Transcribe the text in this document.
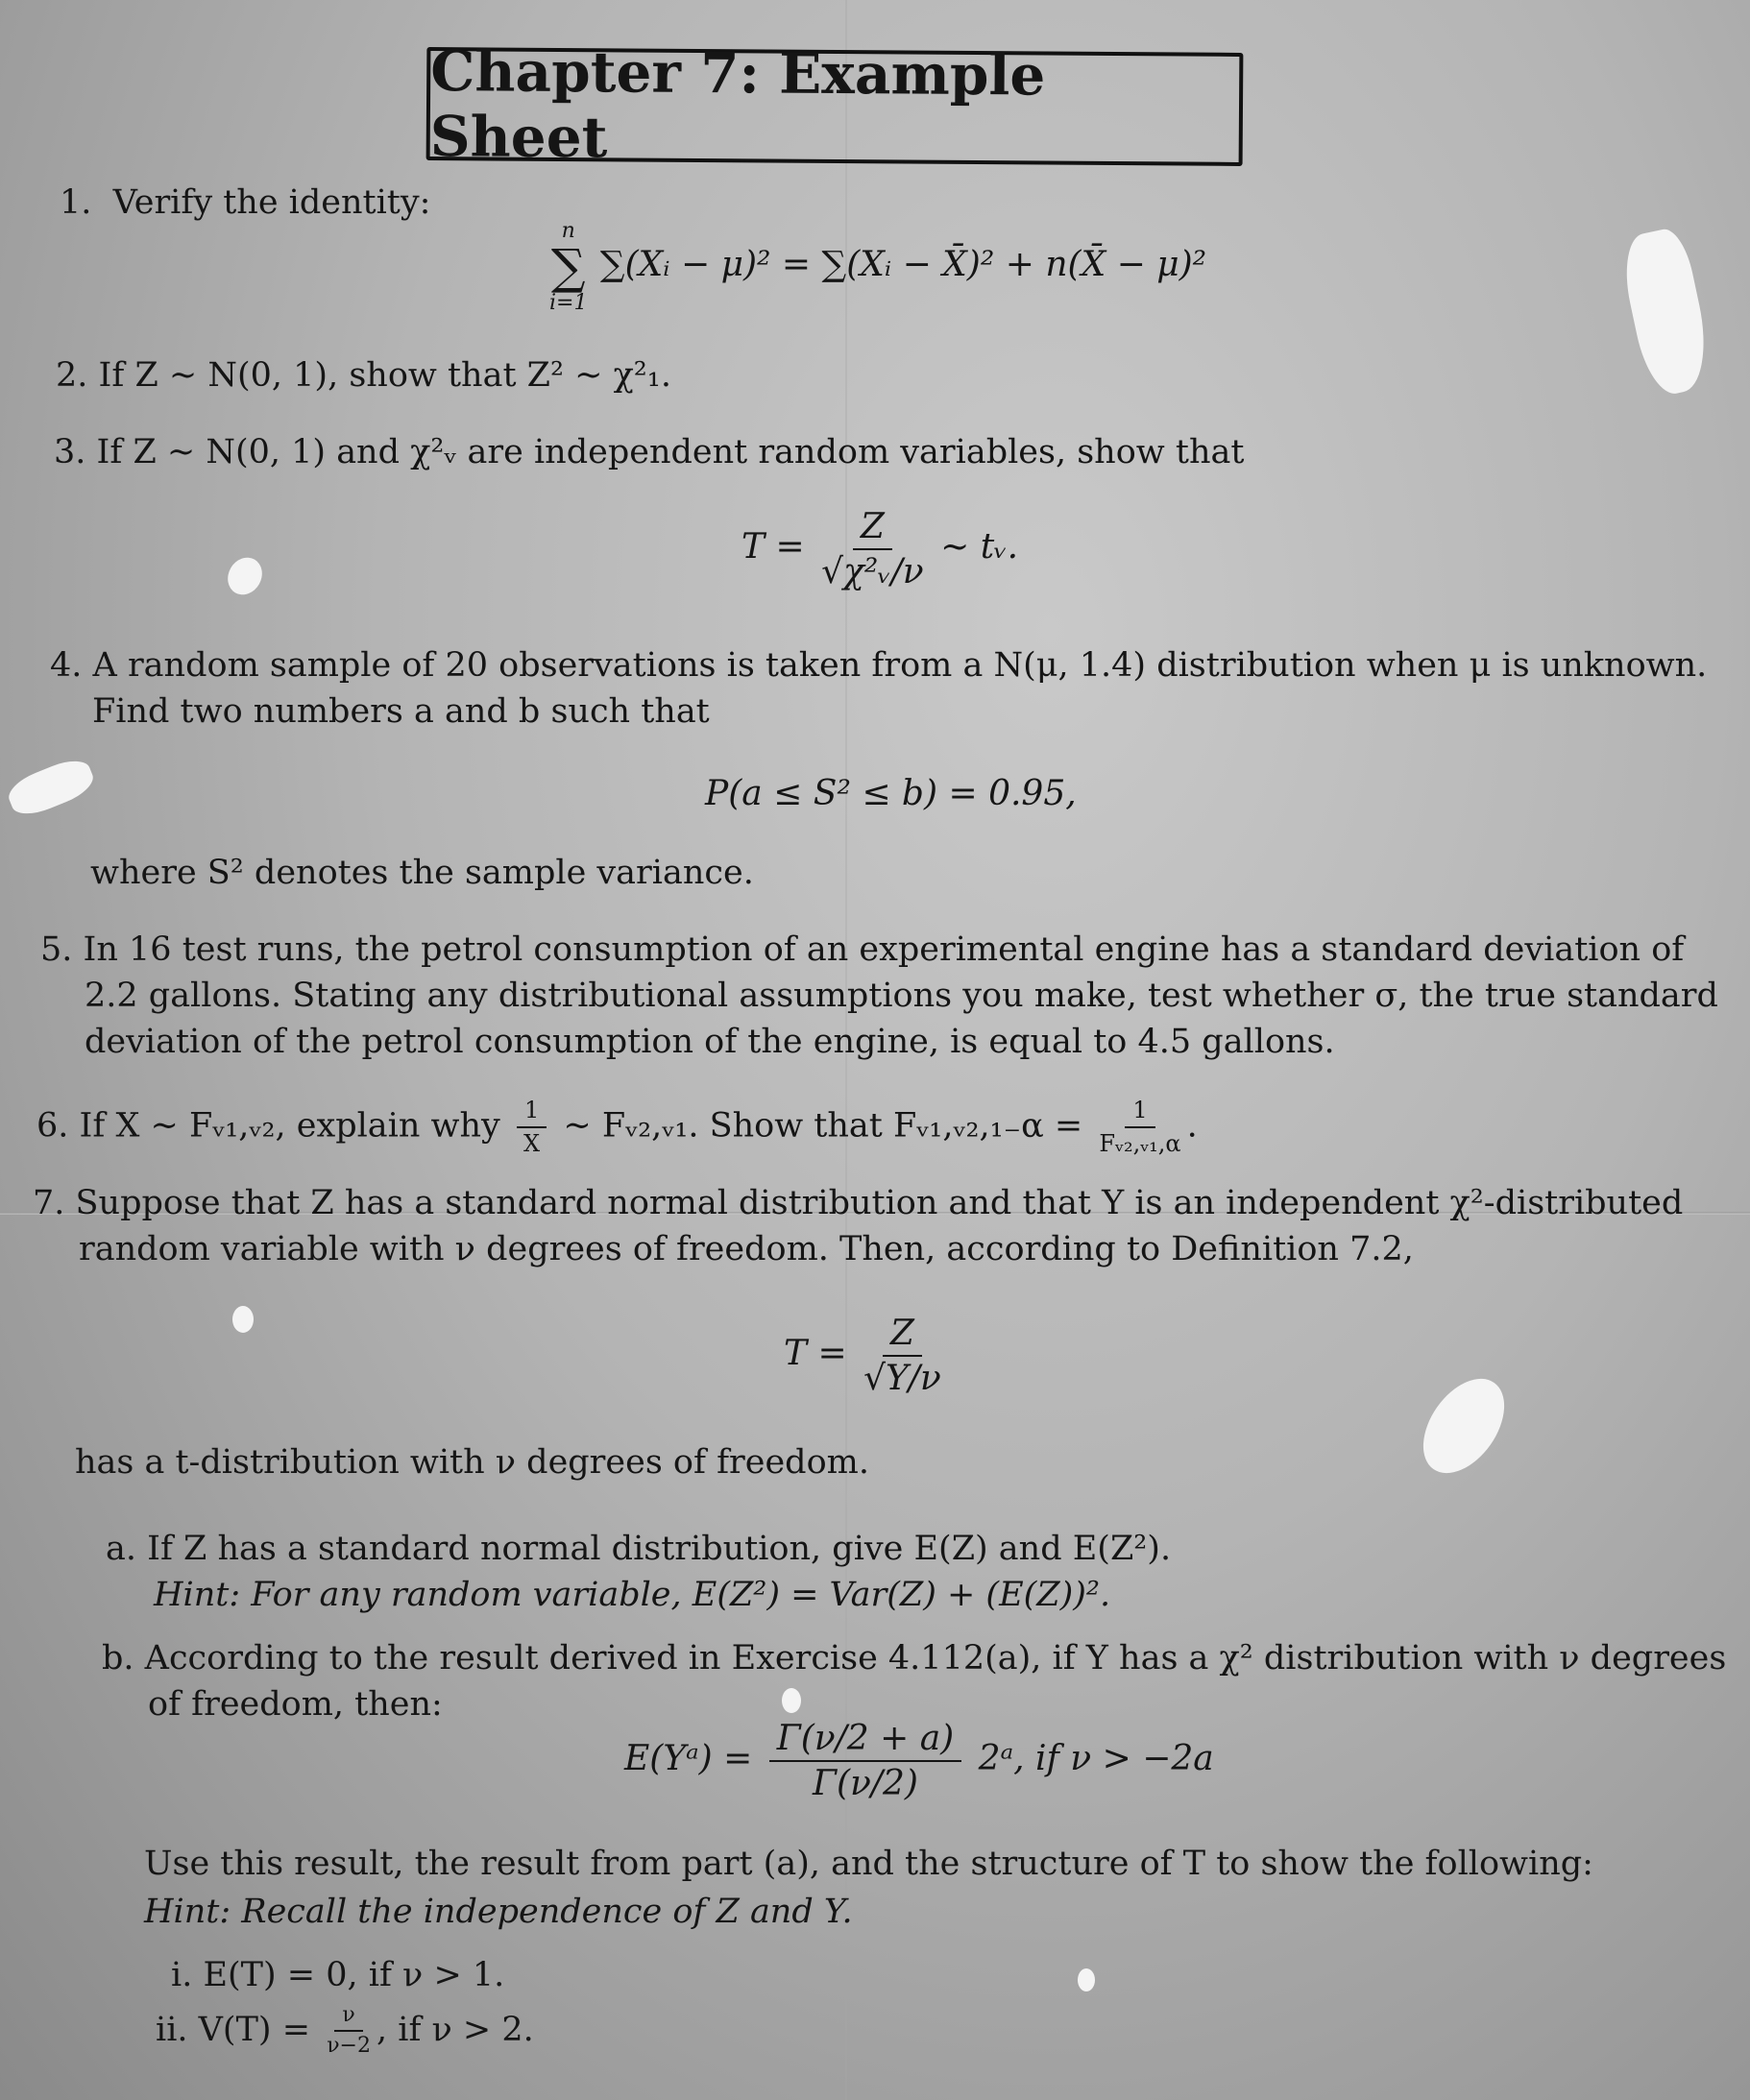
Chapter 7: Example Sheet
1. Verify the identity:
n
∑
i=1
∑(Xᵢ − μ)² = ∑(Xᵢ − X̄)² + n(X̄ − μ)²
2. If Z ~ N(0, 1), show that Z² ~ χ²₁.
3. If Z ~ N(0, 1) and χ²ᵥ are independent random variables, show that
$T = \frac{Z}{\text{√χ²ᵥ/ν}}$ ~ tᵥ.
4. A random sample of 20 observations is taken from a N(μ, 1.4) distribution when μ is unknown.
Find two numbers a and b such that
P(a ≤ S² ≤ b) = 0.95,
where S² denotes the sample variance.
5. In 16 test runs, the petrol consumption of an experimental engine has a standard deviation of
2.2 gallons. Stating any distributional assumptions you make, test whether σ, the true standard
deviation of the petrol consumption of the engine, is equal to 4.5 gallons.
6. If X ~ Fᵥ₁,ᵥ₂, explain why $\frac{1}{X}$ ~ Fᵥ₂,ᵥ₁. Show that Fᵥ₁,ᵥ₂,₁₋α = $\frac{1}{\text{Fᵥ₂,ᵥ₁,α}}$ .
7. Suppose that Z has a standard normal distribution and that Y is an independent χ²-distributed
random variable with ν degrees of freedom. Then, according to Definition 7.2,
$T = \frac{Z}{√Y/\nu}$
has a t-distribution with ν degrees of freedom.
a. If Z has a standard normal distribution, give E(Z) and E(Z²).
Hint: For any random variable, E(Z²) = Var(Z) + (E(Z))².
b. According to the result derived in Exercise 4.112(a), if Y has a χ² distribution with ν degrees
of freedom, then:
E(Yᵃ) = $\frac{\Gamma(\nu/2 + a)}{\Gamma(\nu/2)}$ 2ᵃ, if ν > −2a
Use this result, the result from part (a), and the structure of T to show the following:
Hint: Recall the independence of Z and Y.
i. E(T) = 0, if ν > 1.
ii. $V(T) = \frac{\nu}{\nu-2}$ , if ν > 2.
